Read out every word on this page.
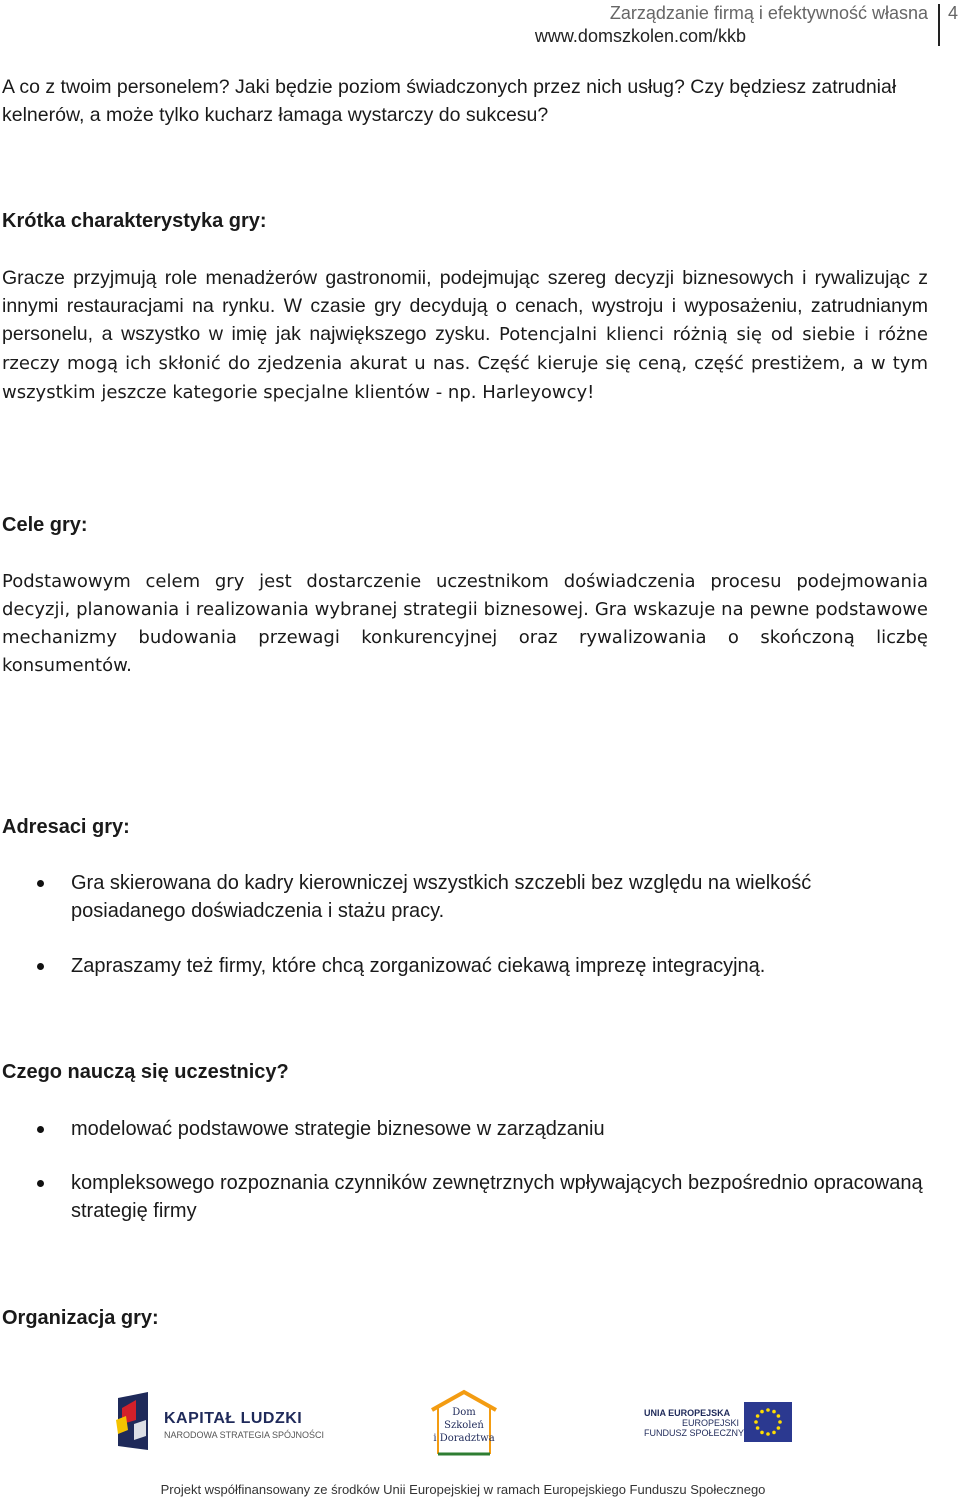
Zarządzanie firmą i efektywność własna
www.domszkolen.com/kkb
4

A co z twoim personelem? Jaki będzie poziom świadczonych przez nich usług? Czy będziesz zatrudniał kelnerów, a może tylko kucharz łamaga wystarczy do sukcesu?

Krótka charakterystyka gry:

Gracze przyjmują role menadżerów gastronomii, podejmując szereg decyzji biznesowych i rywalizując z innymi restauracjami na rynku. W czasie gry decydują o cenach, wystroju i wyposażeniu, zatrudnianym personelu, a wszystko w imię jak największego zysku. Potencjalni klienci różnią się od siebie i różne rzeczy mogą ich skłonić do zjedzenia akurat u nas. Część kieruje się ceną, część prestiżem, a w tym wszystkim jeszcze kategorie specjalne klientów - np. Harleyowcy!

Cele gry:

Podstawowym celem gry jest dostarczenie uczestnikom doświadczenia procesu podejmowania decyzji, planowania i realizowania wybranej strategii biznesowej. Gra wskazuje na pewne podstawowe mechanizmy budowania przewagi konkurencyjnej oraz rywalizowania o skończoną liczbę konsumentów.

Adresaci gry:
Gra skierowana do kadry kierowniczej wszystkich szczebli bez względu na wielkość posiadanego doświadczenia i stażu pracy.
Zapraszamy też firmy, które chcą zorganizować ciekawą imprezę integracyjną.
Czego nauczą się uczestnicy?
modelować podstawowe strategie biznesowe w zarządzaniu
kompleksowego rozpoznania czynników zewnętrznych wpływających bezpośrednio opracowaną strategię firmy
Organizacja gry:
KAPITAŁ LUDZKI
NARODOWA STRATEGIA SPÓJNOŚCI
Dom
Szkoleń
i Doradztwa
UNIA EUROPEJSKA
EUROPEJSKI
FUNDUSZ SPOŁECZNY
Projekt współfinansowany ze środków Unii Europejskiej w ramach Europejskiego Funduszu Społecznego
